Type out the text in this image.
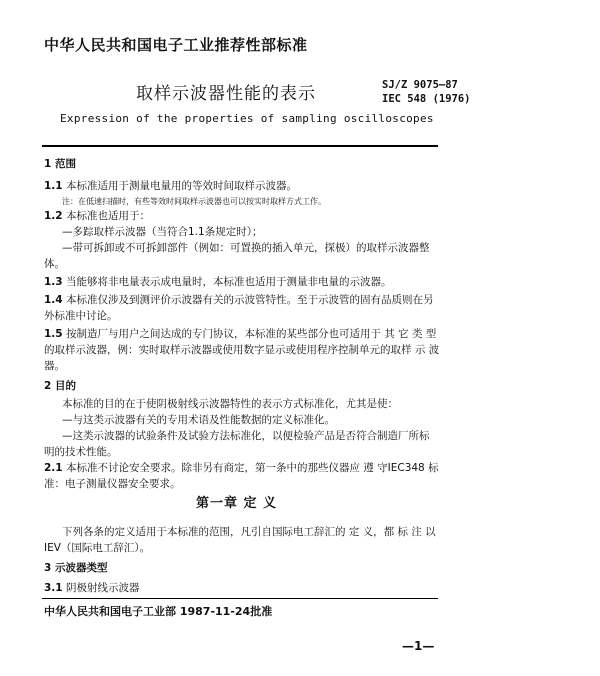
中华人民共和国电子工业推荐性部标准
取样示波器性能的表示	SJ/Z 9075—87
IEC 548 (1976)
Expression of the properties of sampling oscilloscopes
1 范围
1.1 本标准适用于测量电量用的等效时间取样示波器。
注：在低速扫描时，有些等效时间取样示波器也可以按实时取样方式工作。
1.2 本标准也适用于：
—多踪取样示波器（当符合1.1条规定时）；
—带可拆卸或不可拆卸部件（例如：可置换的插入单元，探极）的取样示波器整
体。
1.3 当能够将非电量表示成电量时，本标准也适用于测量非电量的示波器。
1.4 本标准仅涉及到测评价示波器有关的示波管特性。至于示波管的固有品质则在另
外标准中讨论。
1.5 按制造厂与用户之间达成的专门协议，本标准的某些部分也可适用于 其 它 类 型
的取样示波器，例：实时取样示波器或使用数字显示或使用程序控制单元的取样 示 波
器。
2 目的
本标准的目的在于使阴极射线示波器特性的表示方式标准化，尤其是使：
—与这类示波器有关的专用术语及性能数据的定义标准化。
—这类示波器的试验条件及试验方法标准化，以便检验产品是否符合制造厂所标
明的技术性能。
2.1 本标准不讨论安全要求。除非另有商定，第一条中的那些仪器应 遵 守IEC348 标
准：电子测量仪器安全要求。
第一章 定 义
下列各条的定义适用于本标准的范围，凡引自国际电工辞汇的 定 义，都 标 注 以
IEV（国际电工辞汇）。
3 示波器类型
3.1 阴极射线示波器
中华人民共和国电子工业部 1987-11-24批准
—1—
